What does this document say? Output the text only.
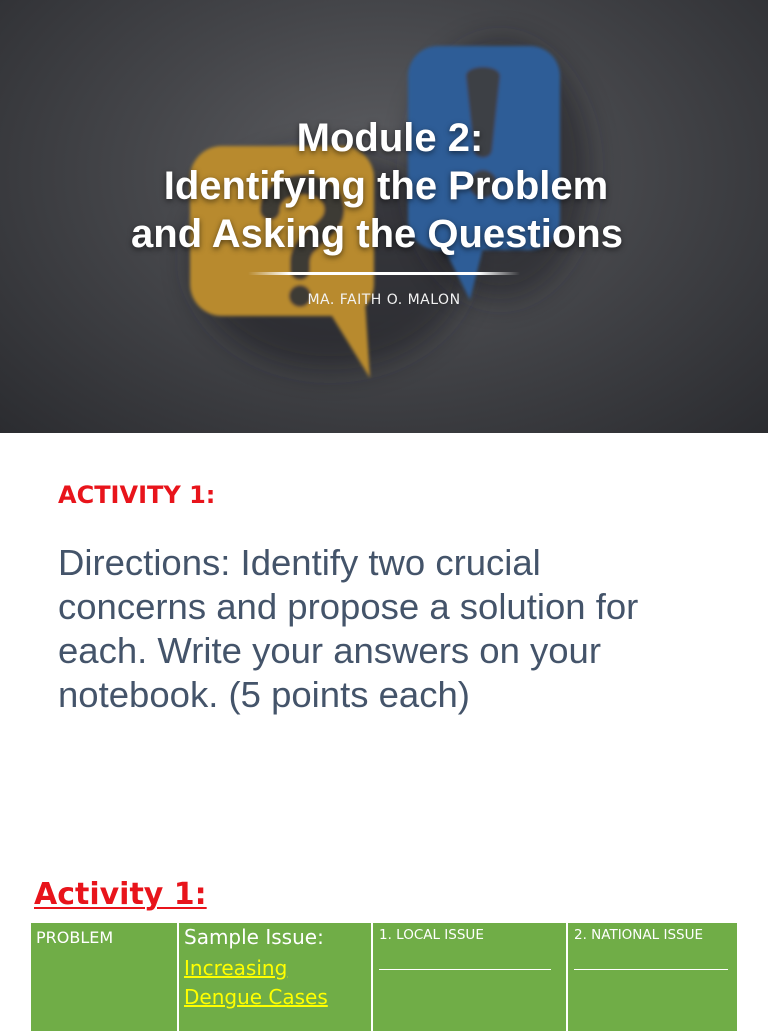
Module 2:
Identifying the Problem
and Asking the Questions
MA. FAITH O. MALON
ACTIVITY 1:
Directions: Identify two crucial
concerns and propose a solution for
each. Write your answers on your
notebook. (5 points each)
Activity 1:
PROBLEM	Sample Issue:
Increasing
Dengue Cases
1. LOCAL ISSUE	2. NATIONAL ISSUE
